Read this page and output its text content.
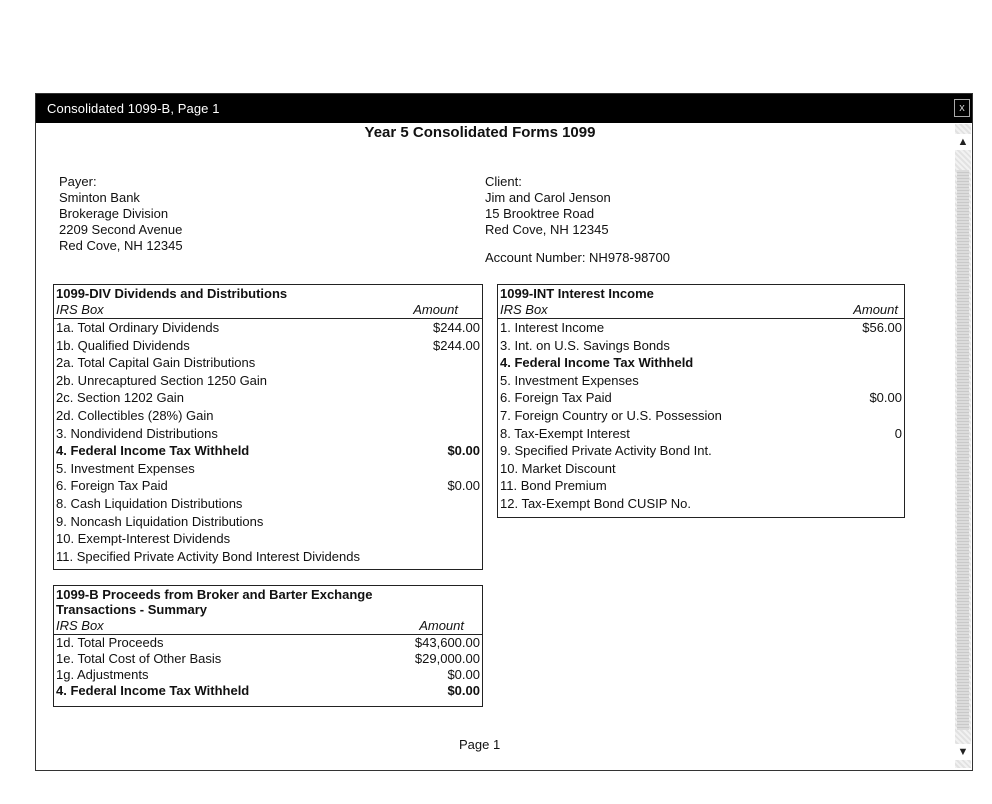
Consolidated 1099-B, Page 1	x
▲
▼
Year 5 Consolidated Forms 1099
Payer:
Sminton Bank
Brokerage Division
2209 Second Avenue
Red Cove, NH 12345
Client:
Jim and Carol Jenson
15 Brooktree Road
Red Cove, NH 12345
Account Number: NH978-98700
1099-DIV Dividends and Distributions
IRS Box	Amount
1a. Total Ordinary Dividends	$244.00
1b. Qualified Dividends	$244.00
2a. Total Capital Gain Distributions
2b. Unrecaptured Section 1250 Gain
2c. Section 1202 Gain
2d. Collectibles (28%) Gain
3. Nondividend Distributions
4. Federal Income Tax Withheld	$0.00
5. Investment Expenses
6. Foreign Tax Paid	$0.00
8. Cash Liquidation Distributions
9. Noncash Liquidation Distributions
10. Exempt-Interest Dividends
11. Specified Private Activity Bond Interest Dividends
1099-INT Interest Income
IRS Box	Amount
1. Interest Income	$56.00
3. Int. on U.S. Savings Bonds
4. Federal Income Tax Withheld
5. Investment Expenses
6. Foreign Tax Paid	$0.00
7. Foreign Country or U.S. Possession
8. Tax-Exempt Interest	0
9. Specified Private Activity Bond Int.
10. Market Discount
11. Bond Premium
12. Tax-Exempt Bond CUSIP No.
1099-B Proceeds from Broker and Barter Exchange
Transactions - Summary
IRS Box	Amount
1d. Total Proceeds	$43,600.00
1e. Total Cost of Other Basis	$29,000.00
1g. Adjustments	$0.00
4. Federal Income Tax Withheld	$0.00
Page 1
